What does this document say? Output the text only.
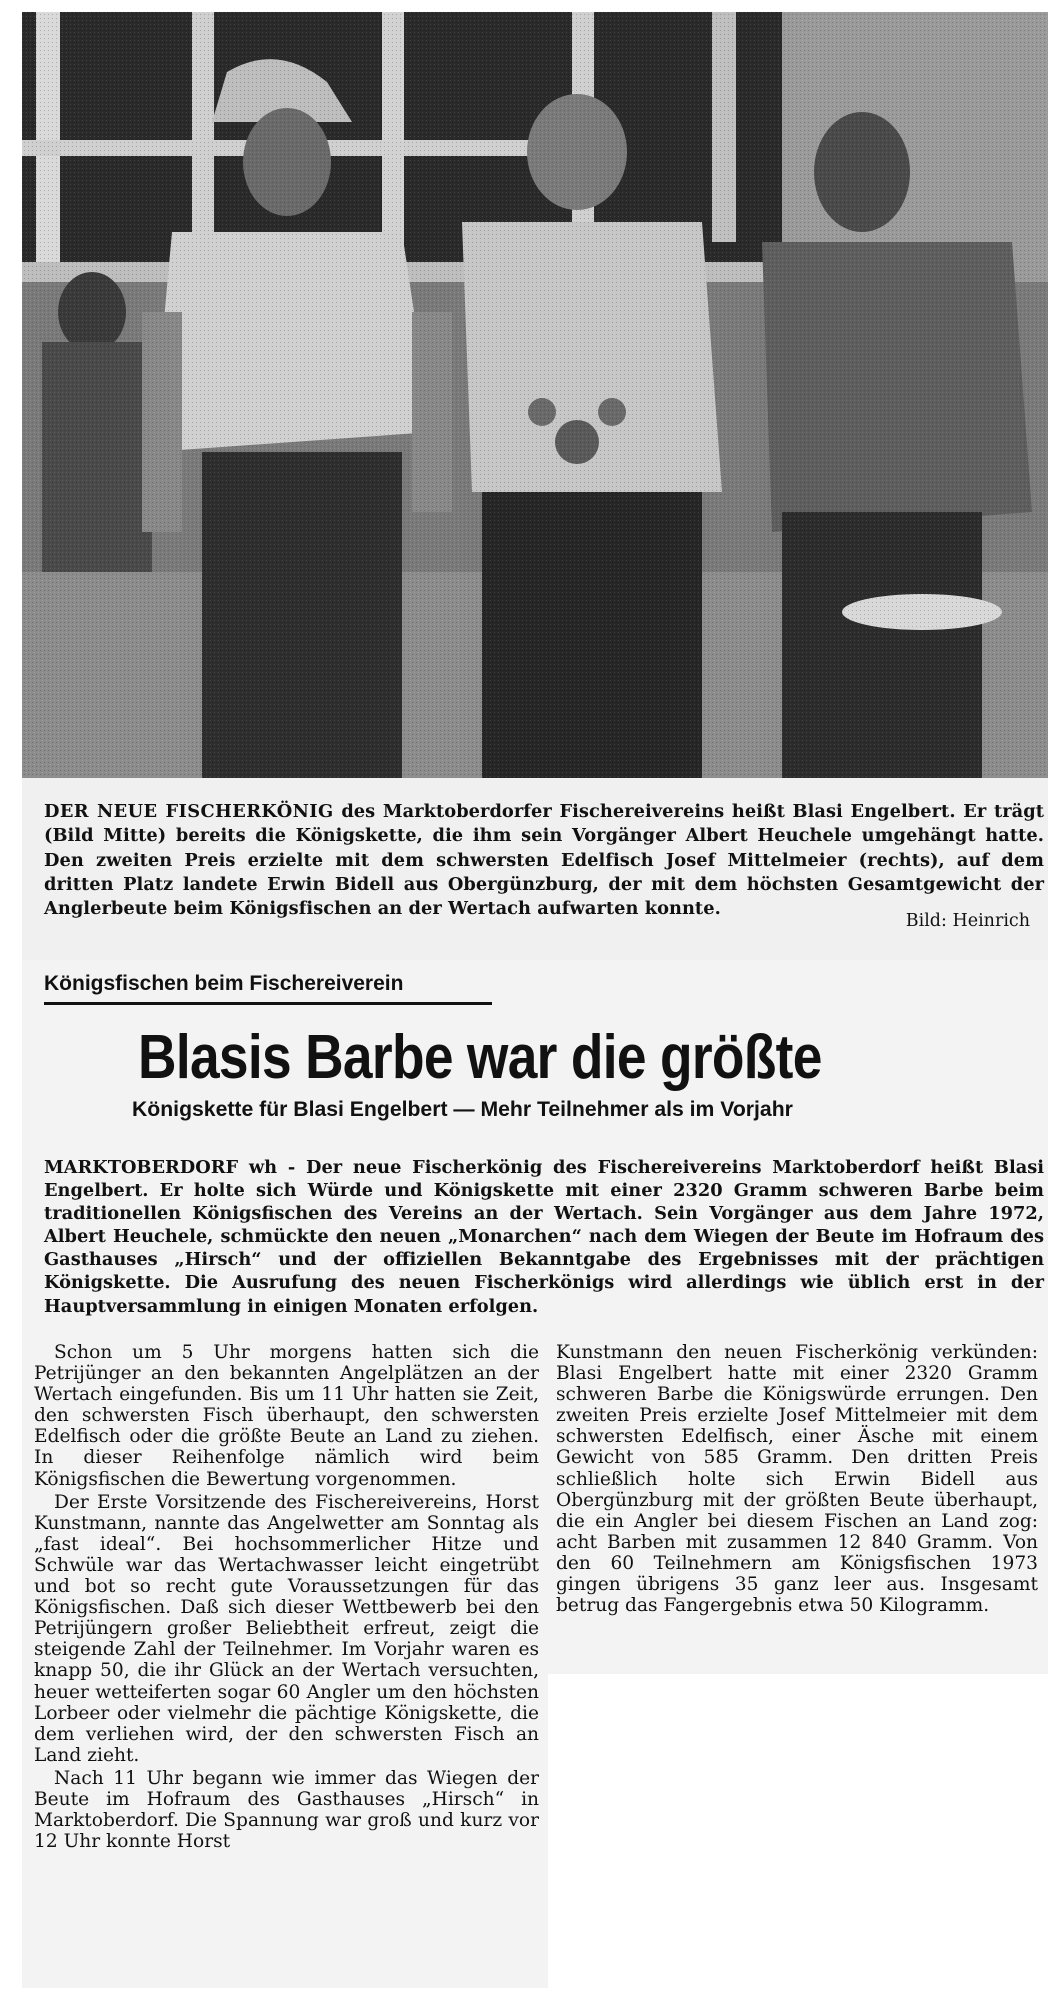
DER NEUE FISCHERKÖNIG des Marktoberdorfer Fischereivereins heißt Blasi Engelbert. Er trägt (Bild Mitte) bereits die Königskette, die ihm sein Vorgänger Albert Heuchele umgehängt hatte. Den zweiten Preis erzielte mit dem schwersten Edelfisch Josef Mittelmeier (rechts), auf dem dritten Platz landete Erwin Bidell aus Obergünzburg, der mit dem höchsten Gesamtgewicht der Anglerbeute beim Königsfischen an der Wertach aufwarten konnte.
Bild: Heinrich
Königsfischen beim Fischereiverein
Blasis Barbe war die größte
Königskette für Blasi Engelbert — Mehr Teilnehmer als im Vorjahr
MARKTOBERDORF wh - Der neue Fischerkönig des Fischereivereins Marktoberdorf heißt Blasi Engelbert. Er holte sich Würde und Königskette mit einer 2320 Gramm schweren Barbe beim traditionellen Königsfischen des Vereins an der Wertach. Sein Vorgänger aus dem Jahre 1972, Albert Heuchele, schmückte den neuen „Monarchen“ nach dem Wiegen der Beute im Hofraum des Gasthauses „Hirsch“ und der offiziellen Bekanntgabe des Ergebnisses mit der prächtigen Königskette. Die Ausrufung des neuen Fischerkönigs wird allerdings wie üblich erst in der Hauptversammlung in einigen Monaten erfolgen.

Schon um 5 Uhr morgens hatten sich die Petrijünger an den bekannten Angelplätzen an der Wertach eingefunden. Bis um 11 Uhr hatten sie Zeit, den schwersten Fisch überhaupt, den schwersten Edelfisch oder die größte Beute an Land zu ziehen. In dieser Reihenfolge nämlich wird beim Königsfischen die Bewertung vorgenommen.

Der Erste Vorsitzende des Fischereivereins, Horst Kunstmann, nannte das Angelwetter am Sonntag als „fast ideal“. Bei hochsommerlicher Hitze und Schwüle war das Wertachwasser leicht eingetrübt und bot so recht gute Voraussetzungen für das Königsfischen. Daß sich dieser Wettbewerb bei den Petrijüngern großer Beliebtheit erfreut, zeigt die steigende Zahl der Teilnehmer. Im Vorjahr waren es knapp 50, die ihr Glück an der Wertach versuchten, heuer wetteiferten sogar 60 Angler um den höchsten Lorbeer oder vielmehr die pächtige Königskette, die dem verliehen wird, der den schwersten Fisch an Land zieht.

Nach 11 Uhr begann wie immer das Wiegen der Beute im Hofraum des Gasthauses „Hirsch“ in Marktoberdorf. Die Spannung war groß und kurz vor 12 Uhr konnte Horst

Kunstmann den neuen Fischerkönig verkünden: Blasi Engelbert hatte mit einer 2320 Gramm schweren Barbe die Königswürde errungen. Den zweiten Preis erzielte Josef Mittelmeier mit dem schwersten Edelfisch, einer Äsche mit einem Gewicht von 585 Gramm. Den dritten Preis schließlich holte sich Erwin Bidell aus Obergünzburg mit der größten Beute überhaupt, die ein Angler bei diesem Fischen an Land zog: acht Barben mit zusammen 12 840 Gramm. Von den 60 Teilnehmern am Königsfischen 1973 gingen übrigens 35 ganz leer aus. Insgesamt betrug das Fangergebnis etwa 50 Kilogramm.
